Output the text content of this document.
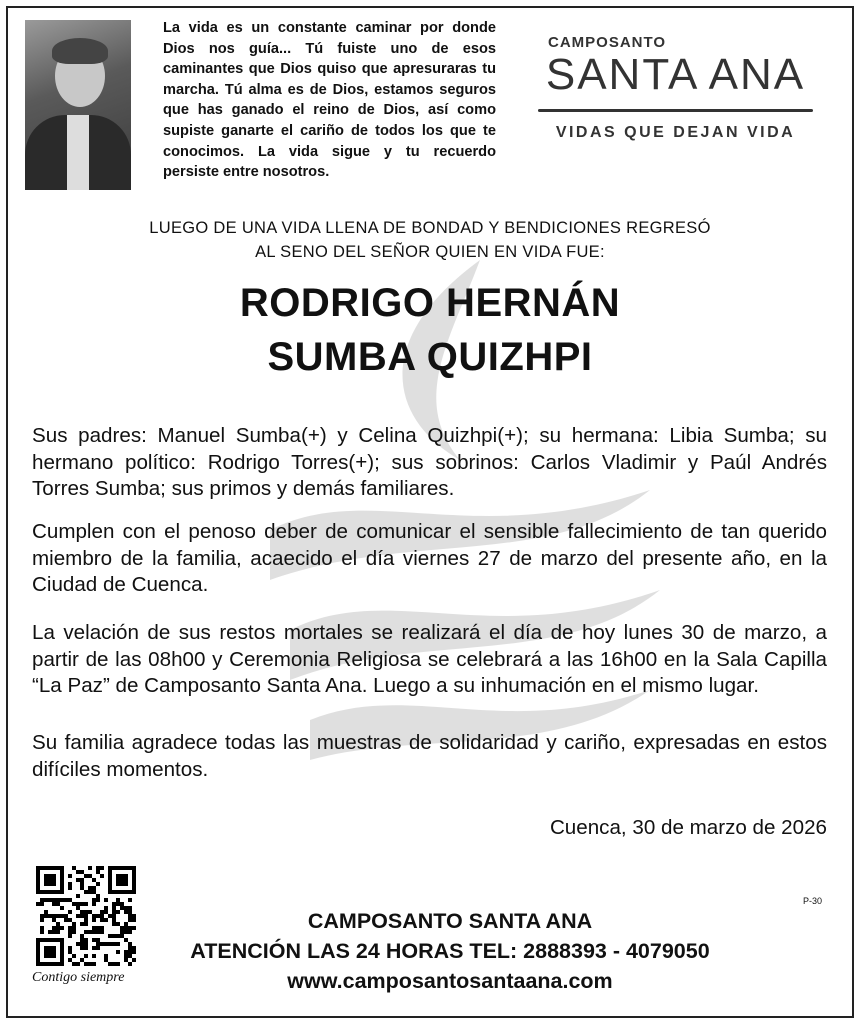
La vida es un constante caminar por donde Dios nos guía... Tú fuiste uno de esos caminantes que Dios quiso que apresuraras tu marcha. Tú alma es de Dios, estamos seguros que has ganado el reino de Dios, así como supiste ganarte el cariño de todos los que te conocimos. La vida sigue y tu recuerdo persiste entre nosotros.
CAMPOSANTO
SANTA ANA
VIDAS QUE DEJAN VIDA
LUEGO DE UNA VIDA LLENA DE BONDAD Y BENDICIONES REGRESÓ
AL SENO DEL SEÑOR QUIEN EN VIDA FUE:
RODRIGO HERNÁN
SUMBA QUIZHPI
Sus padres: Manuel Sumba(+) y Celina Quizhpi(+); su hermana: Libia Sumba; su hermano político: Rodrigo Torres(+); sus sobrinos: Carlos Vladimir y Paúl Andrés Torres Sumba; sus primos y demás familiares.
Cumplen con el penoso deber de comunicar el sensible fallecimiento de tan querido miembro de la familia, acaecido el día viernes 27 de marzo del presente año, en la Ciudad de Cuenca.
La velación de sus restos mortales se realizará el día de hoy lunes 30 de marzo, a partir de las 08h00 y Ceremonia Religiosa se celebrará a las 16h00 en la Sala Capilla “La Paz” de Camposanto Santa Ana. Luego a su inhumación en el mismo lugar.
Su familia agradece todas las muestras de solidaridad y cariño, expresadas en estos difíciles momentos.
Cuenca, 30 de marzo de 2026
Contigo siempre
P-30
CAMPOSANTO SANTA ANA
ATENCIÓN LAS 24 HORAS TEL: 2888393 - 4079050
www.camposantosantaana.com
